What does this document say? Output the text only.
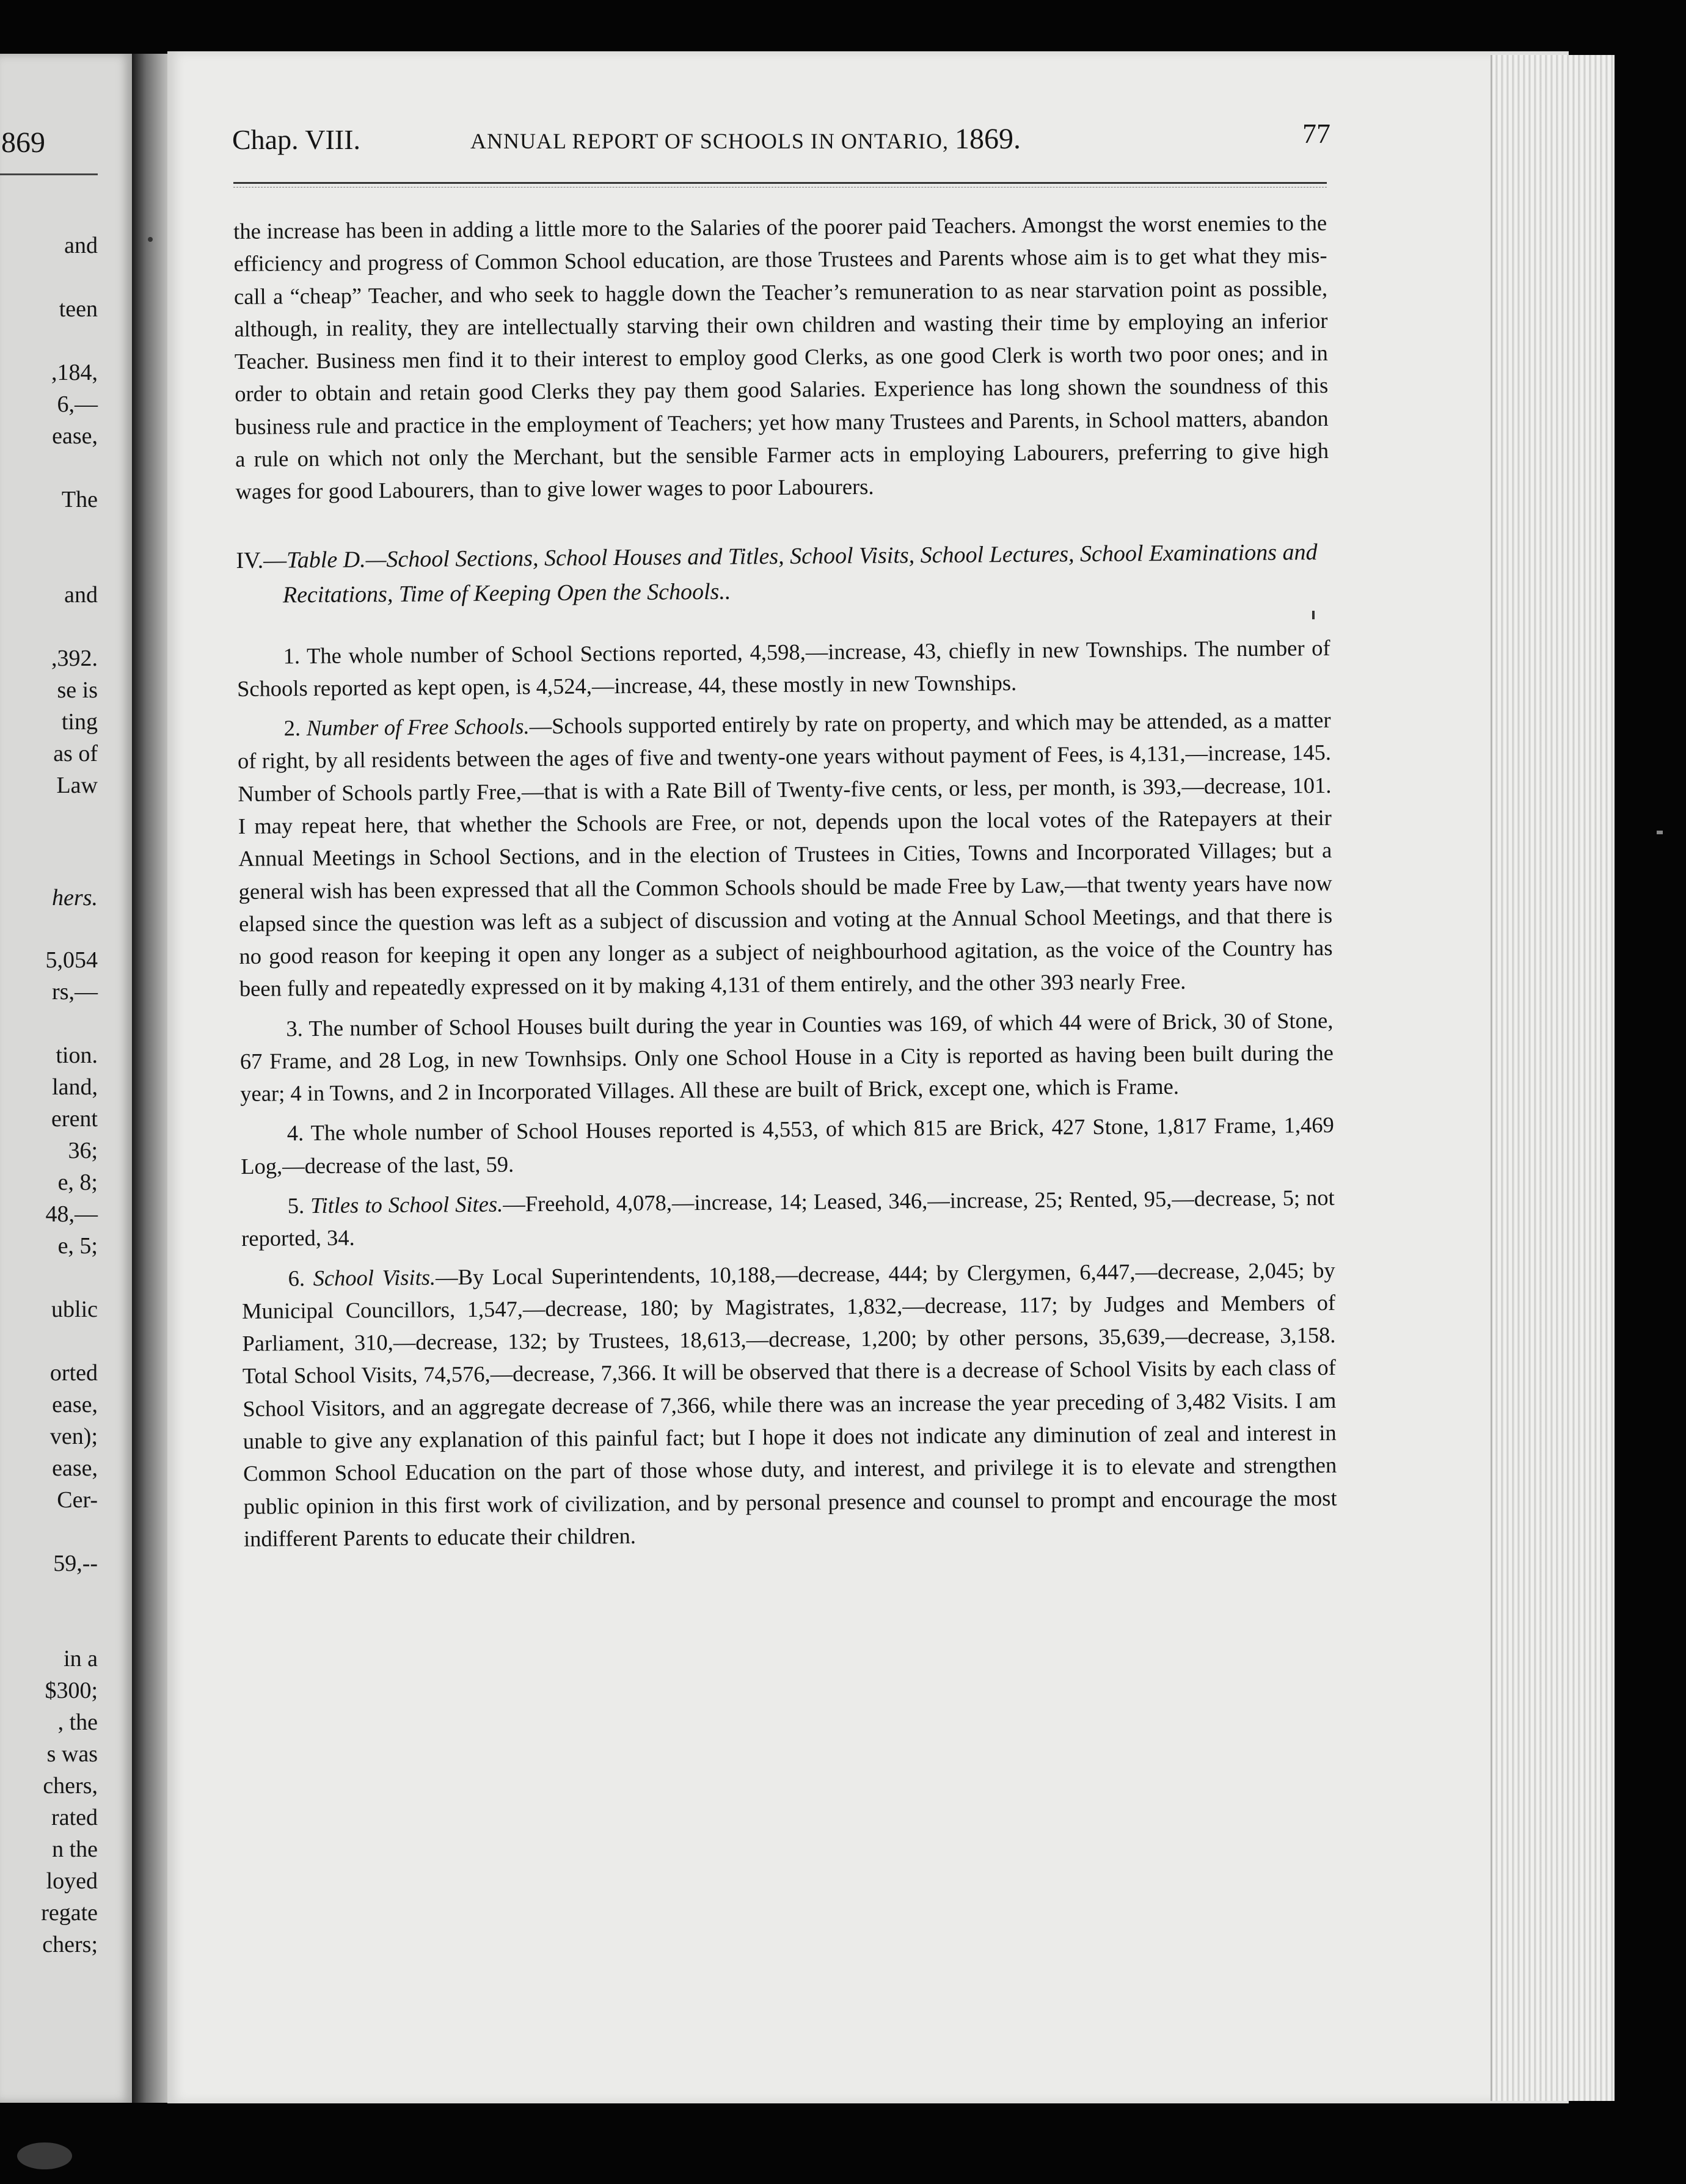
869
and
teen
,184,
6,—
ease,
The
and
,392.
se is
ting
as of
Law
hers.
5,054
rs,—
tion.
land,
erent
36;
e, 8;
48,—
e, 5;
ublic
orted
ease,
ven);
ease,
Cer-
59,--
in a
$300;
, the
s was
chers,
rated
n the
loyed
regate
chers;
Chap. VIII.	ANNUAL REPORT OF SCHOOLS IN ONTARIO, 1869.	77

the increase has been in adding a little more to the Salaries of the poorer paid Teachers. Amongst the worst enemies to the efficiency and progress of Common School education, are those Trustees and Parents whose aim is to get what they mis-call a “cheap” Teacher, and who seek to haggle down the Teacher’s remuneration to as near starvation point as possible, although, in reality, they are intellectually starving their own children and wasting their time by employing an inferior Teacher. Business men find it to their interest to employ good Clerks, as one good Clerk is worth two poor ones; and in order to obtain and retain good Clerks they pay them good Salaries. Experience has long shown the soundness of this business rule and practice in the employment of Teachers; yet how many Trustees and Parents, in School matters, abandon a rule on which not only the Merchant, but the sensible Farmer acts in employing Labourers, preferring to give high wages for good Labourers, than to give lower wages to poor Labourers.

IV.—Table D.—School Sections, School Houses and Titles, School Visits, School Lectures, School Examinations and Recitations, Time of Keeping Open the Schools..

1. The whole number of School Sections reported, 4,598,—increase, 43, chiefly in new Townships. The number of Schools reported as kept open, is 4,524,—increase, 44, these mostly in new Townships.

2. Number of Free Schools.—Schools supported entirely by rate on property, and which may be attended, as a matter of right, by all residents between the ages of five and twenty-one years without payment of Fees, is 4,131,—increase, 145. Number of Schools partly Free,—that is with a Rate Bill of Twenty-five cents, or less, per month, is 393,—decrease, 101. I may repeat here, that whether the Schools are Free, or not, depends upon the local votes of the Ratepayers at their Annual Meetings in School Sections, and in the election of Trustees in Cities, Towns and Incorporated Villages; but a general wish has been expressed that all the Common Schools should be made Free by Law,—that twenty years have now elapsed since the question was left as a subject of discussion and voting at the Annual School Meetings, and that there is no good reason for keeping it open any longer as a subject of neighbourhood agitation, as the voice of the Country has been fully and repeatedly expressed on it by making 4,131 of them entirely, and the other 393 nearly Free.

3. The number of School Houses built during the year in Counties was 169, of which 44 were of Brick, 30 of Stone, 67 Frame, and 28 Log, in new Townhsips. Only one School House in a City is reported as having been built during the year; 4 in Towns, and 2 in Incorporated Villages. All these are built of Brick, except one, which is Frame.

4. The whole number of School Houses reported is 4,553, of which 815 are Brick, 427 Stone, 1,817 Frame, 1,469 Log,—decrease of the last, 59.

5. Titles to School Sites.—Freehold, 4,078,—increase, 14; Leased, 346,—increase, 25; Rented, 95,—decrease, 5; not reported, 34.

6. School Visits.—By Local Superintendents, 10,188,—decrease, 444; by Clergymen, 6,447,—decrease, 2,045; by Municipal Councillors, 1,547,—decrease, 180; by Magistrates, 1,832,—decrease, 117; by Judges and Members of Parliament, 310,—decrease, 132; by Trustees, 18,613,—decrease, 1,200; by other persons, 35,639,—decrease, 3,158. Total School Visits, 74,576,—decrease, 7,366. It will be observed that there is a decrease of School Visits by each class of School Visitors, and an aggregate decrease of 7,366, while there was an increase the year preceding of 3,482 Visits. I am unable to give any explanation of this painful fact; but I hope it does not indicate any diminution of zeal and interest in Common School Education on the part of those whose duty, and interest, and privilege it is to elevate and strengthen public opinion in this first work of civilization, and by personal presence and counsel to prompt and encourage the most indifferent Parents to educate their children.
